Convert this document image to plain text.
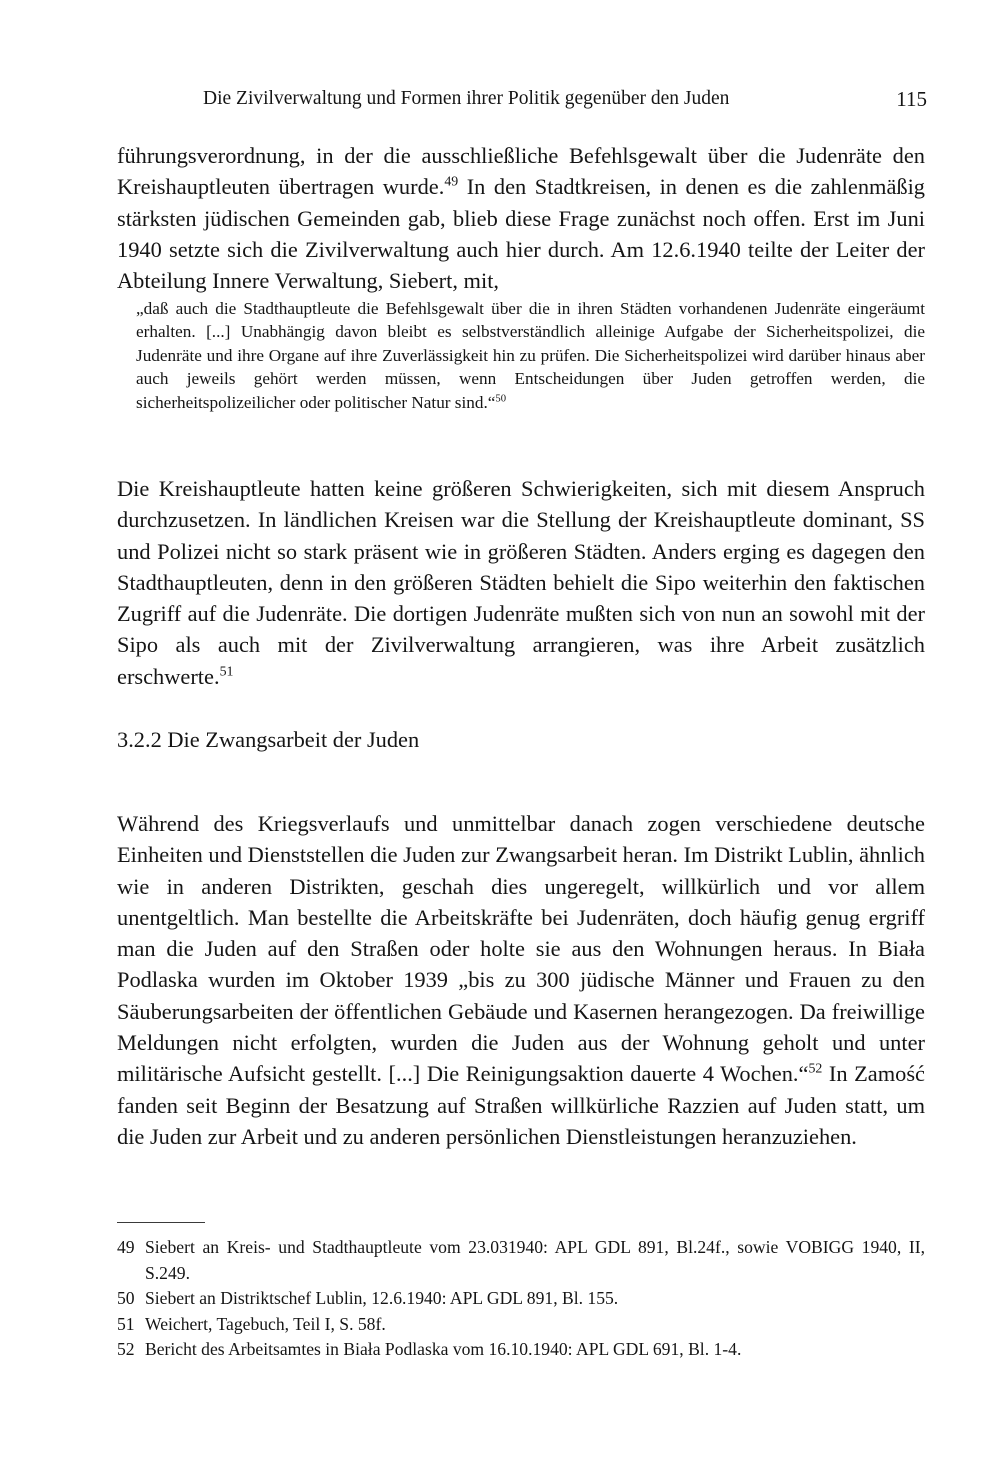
Die Zivilverwaltung und Formen ihrer Politik gegenüber den Juden	115

führungsverordnung, in der die ausschließliche Befehlsgewalt über die Judenräte den Kreishauptleuten übertragen wurde.$^{49}$ In den Stadtkreisen, in denen es die zahlenmäßig stärksten jüdischen Gemeinden gab, blieb diese Frage zunächst noch offen. Erst im Juni 1940 setzte sich die Zivilverwaltung auch hier durch. Am 12.6.1940 teilte der Leiter der Abteilung Innere Verwaltung, Siebert, mit,

„daß auch die Stadthauptleute die Befehlsgewalt über die in ihren Städten vorhandenen Judenräte eingeräumt erhalten. [...] Unabhängig davon bleibt es selbstverständlich alleinige Aufgabe der Sicherheitspolizei, die Judenräte und ihre Organe auf ihre Zuverlässigkeit hin zu prüfen. Die Sicherheitspolizei wird darüber hinaus aber auch jeweils gehört werden müssen, wenn Entscheidungen über Juden getroffen werden, die sicherheitspolizeilicher oder politischer Natur sind.“$^{50}$

Die Kreishauptleute hatten keine größeren Schwierigkeiten, sich mit diesem Anspruch durchzusetzen. In ländlichen Kreisen war die Stellung der Kreishauptleute dominant, SS und Polizei nicht so stark präsent wie in größeren Städten. Anders erging es dagegen den Stadthauptleuten, denn in den größeren Städten behielt die Sipo weiterhin den faktischen Zugriff auf die Judenräte. Die dortigen Judenräte mußten sich von nun an sowohl mit der Sipo als auch mit der Zivilverwaltung arrangieren, was ihre Arbeit zusätzlich erschwerte.$^{51}$

3.2.2 Die Zwangsarbeit der Juden

Während des Kriegsverlaufs und unmittelbar danach zogen verschiedene deutsche Einheiten und Dienststellen die Juden zur Zwangsarbeit heran. Im Distrikt Lublin, ähnlich wie in anderen Distrikten, geschah dies ungeregelt, willkürlich und vor allem unentgeltlich. Man bestellte die Arbeitskräfte bei Judenräten, doch häufig genug ergriff man die Juden auf den Straßen oder holte sie aus den Wohnungen heraus. In Biała Podlaska wurden im Oktober 1939 „bis zu 300 jüdische Männer und Frauen zu den Säuberungsarbeiten der öffentlichen Gebäude und Kasernen herangezogen. Da freiwillige Meldungen nicht erfolgten, wurden die Juden aus der Wohnung geholt und unter militärische Aufsicht gestellt. [...] Die Reinigungsaktion dauerte 4 Wochen.“$^{52}$ In Zamość fanden seit Beginn der Besatzung auf Straßen willkürliche Razzien auf Juden statt, um die Juden zur Arbeit und zu anderen persönlichen Dienstleistungen heranzuziehen.

49 Siebert an Kreis- und Stadthauptleute vom 23.031940: APL GDL 891, Bl.24f., sowie VOBIGG 1940, II, S.249.
50 Siebert an Distriktschef Lublin, 12.6.1940: APL GDL 891, Bl. 155.
51 Weichert, Tagebuch, Teil I, S. 58f.
52 Bericht des Arbeitsamtes in Biała Podlaska vom 16.10.1940: APL GDL 691, Bl. 1-4.
